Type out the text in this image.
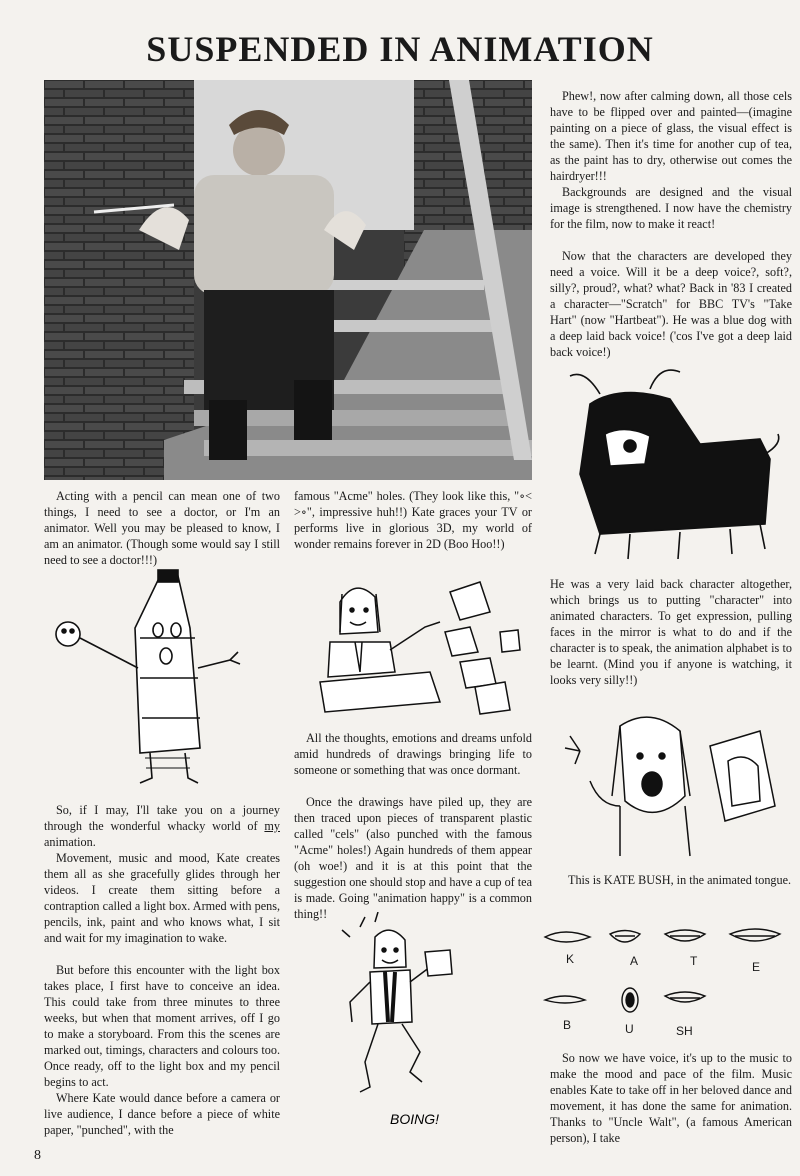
SUSPENDED IN ANIMATION

Acting with a pencil can mean one of two things, I need to see a doctor, or I'm an animator. Well you may be pleased to know, I am an animator. (Though some would say I still need to see a doctor!!!)

So, if I may, I'll take you on a journey through the wonderful whacky world of my animation.

Movement, music and mood, Kate creates them all as she gracefully glides through her videos. I create them sitting before a contraption called a light box. Armed with pens, pencils, ink, paint and who knows what, I sit and wait for my imagination to wake.

But before this encounter with the light box takes place, I first have to conceive an idea. This could take from three minutes to three weeks, but when that moment arrives, off I go to make a storyboard. From this the scenes are marked out, timings, characters and colours too. Once ready, off to the light box and my pencil begins to act.

Where Kate would dance before a camera or live audience, I dance before a piece of white paper, "punched", with the

famous "Acme" holes. (They look like this, "∘< >∘", impressive huh!!) Kate graces your TV or performs live in glorious 3D, my world of wonder remains forever in 2D (Boo Hoo!!)

All the thoughts, emotions and dreams unfold amid hundreds of drawings bringing life to someone or something that was once dormant.

Once the drawings have piled up, they are then traced upon pieces of transparent plastic called "cels" (also punched with the famous "Acme" holes!) Again hundreds of them appear (oh woe!) and it is at this point that the suggestion one should stop and have a cup of tea is made. Going "animation happy" is a common thing!!

BOING!

Phew!, now after calming down, all those cels have to be flipped over and painted—(imagine painting on a piece of glass, the visual effect is the same). Then it's time for another cup of tea, as the paint has to dry, otherwise out comes the hairdryer!!!

Backgrounds are designed and the visual image is strengthened. I now have the chemistry for the film, now to make it react!

Now that the characters are developed they need a voice. Will it be a deep voice?, soft?, silly?, proud?, what? what? Back in '83 I created a character—"Scratch" for BBC TV's "Take Hart" (now "Hartbeat"). He was a blue dog with a deep laid back voice! ('cos I've got a deep laid back voice!)

He was a very laid back character altogether, which brings us to putting "character" into animated characters. To get expression, pulling faces in the mirror is what to do and if the character is to speak, the animation alphabet is to be learnt. (Mind you if anyone is watching, it looks very silly!!)

This is KATE BUSH, in the animated tongue.

K	A	T	E
B	U	SH

So now we have voice, it's up to the music to make the mood and pace of the film. Music enables Kate to take off in her beloved dance and movement, it has done the same for animation. Thanks to "Uncle Walt", (a famous American person), I take

8
